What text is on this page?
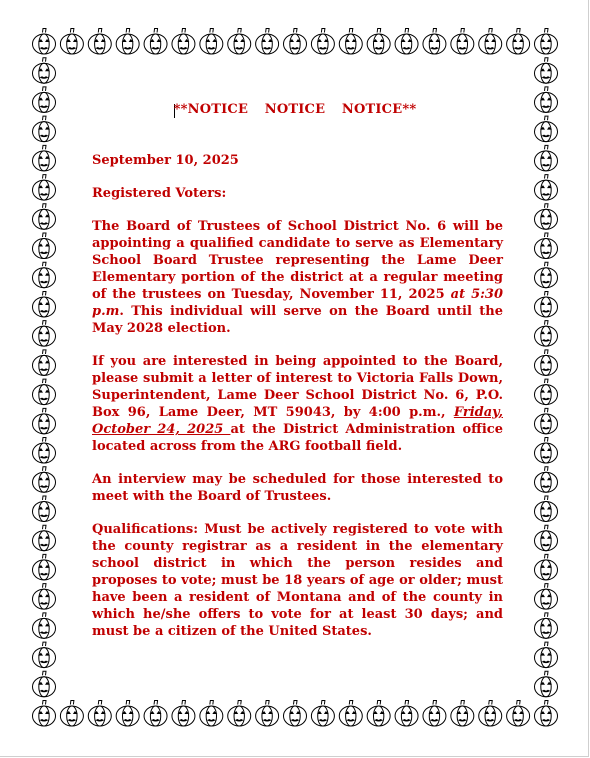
**NOTICE NOTICE NOTICE**

September 10, 2025

Registered Voters:

The Board of Trustees of School District No. 6 will be appointing a qualified candidate to serve as Elementary School Board Trustee representing the Lame Deer Elementary portion of the district at a regular meeting of the trustees on Tuesday, November 11, 2025 at 5:30 p.m. This individual will serve on the Board until the May 2028 election.

If you are interested in being appointed to the Board, please submit a letter of interest to Victoria Falls Down, Superintendent, Lame Deer School District No. 6, P.O. Box 96, Lame Deer, MT 59043, by 4:00 p.m., Friday, October 24, 2025 at the District Administration office located across from the ARG football field.

An interview may be scheduled for those interested to meet with the Board of Trustees.

Qualifications: Must be actively registered to vote with the county registrar as a resident in the elementary school district in which the person resides and proposes to vote; must be 18 years of age or older; must have been a resident of Montana and of the county in which he/she offers to vote for at least 30 days; and must be a citizen of the United States.
